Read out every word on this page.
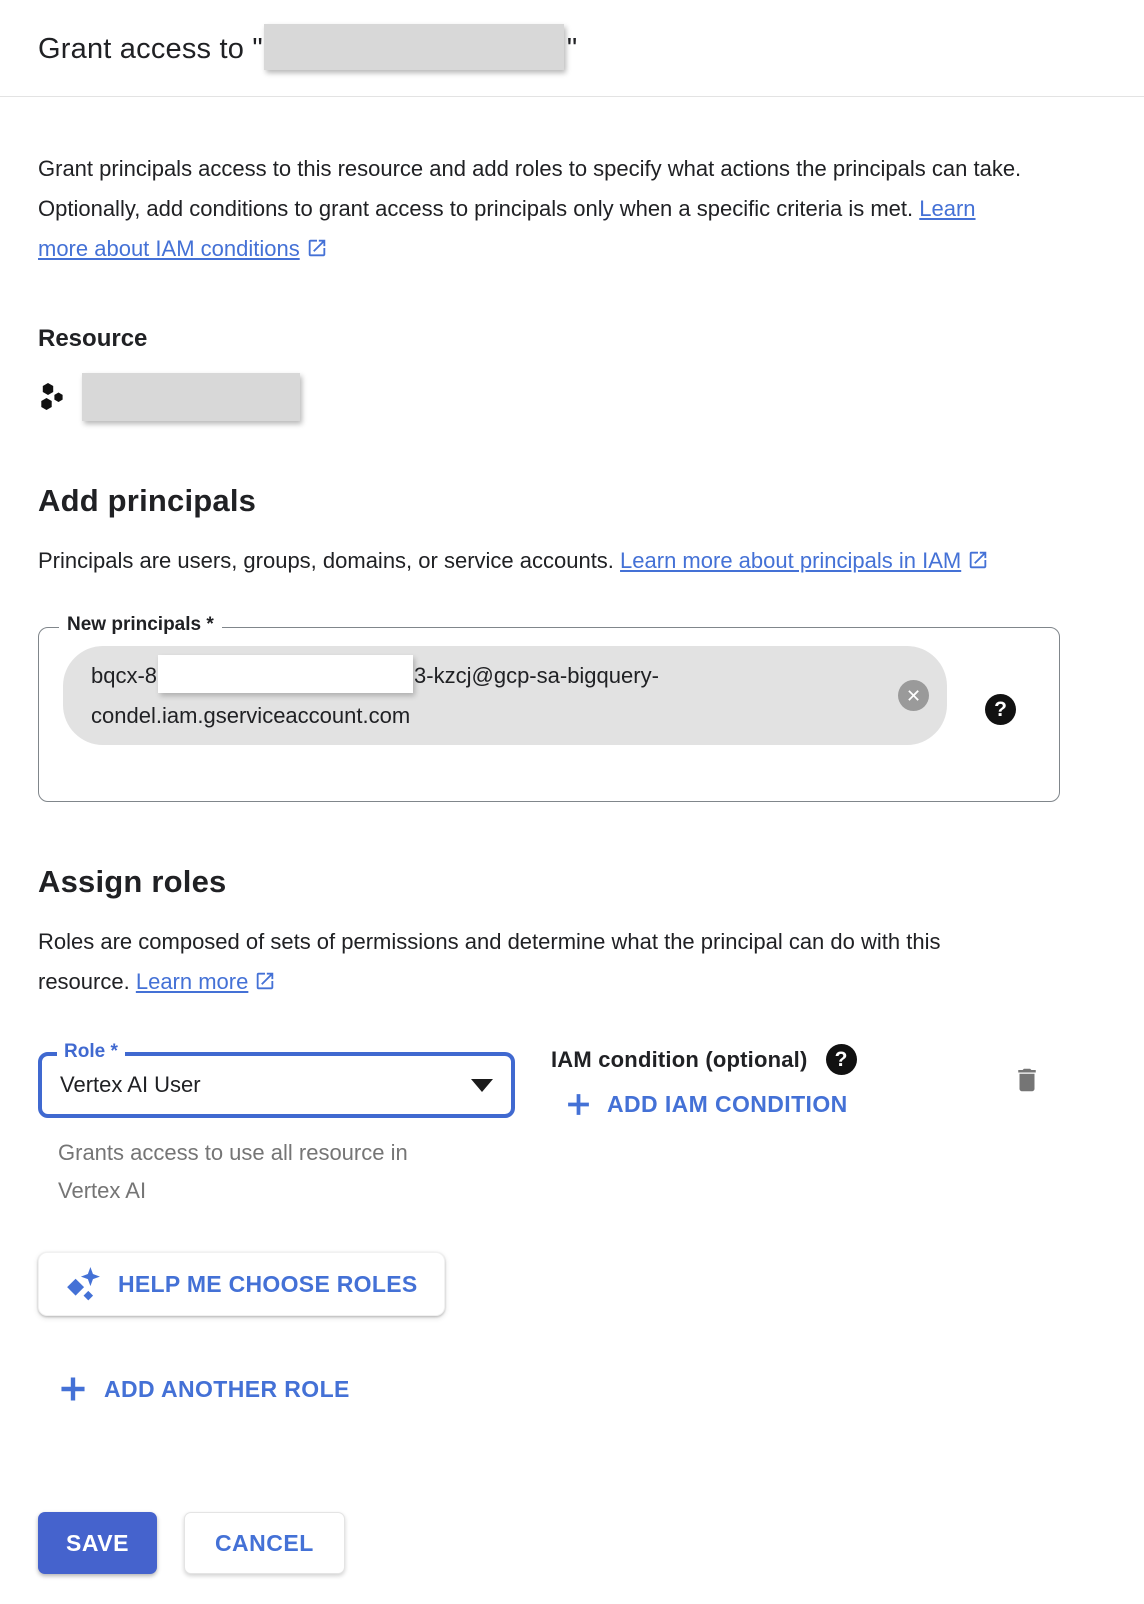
Grant access to "	"

Grant principals access to this resource and add roles to specify what actions the principals can take. Optionally, add conditions to grant access to principals only when a specific criteria is met. Learn more about IAM conditions

Resource
Add principals

Principals are users, groups, domains, or service accounts. Learn more about principals in IAM

New principals *
bqcx-8	3-kzcj@gcp-sa-bigquery-
condel.iam.gserviceaccount.com
✕
?
Assign roles

Roles are composed of sets of permissions and determine what the principal can do with this resource. Learn more

Role *
Vertex AI User
IAM condition (optional)	?
ADD IAM CONDITION
Grants access to use all resource in Vertex AI
HELP ME CHOOSE ROLES
ADD ANOTHER ROLE
SAVE	CANCEL
